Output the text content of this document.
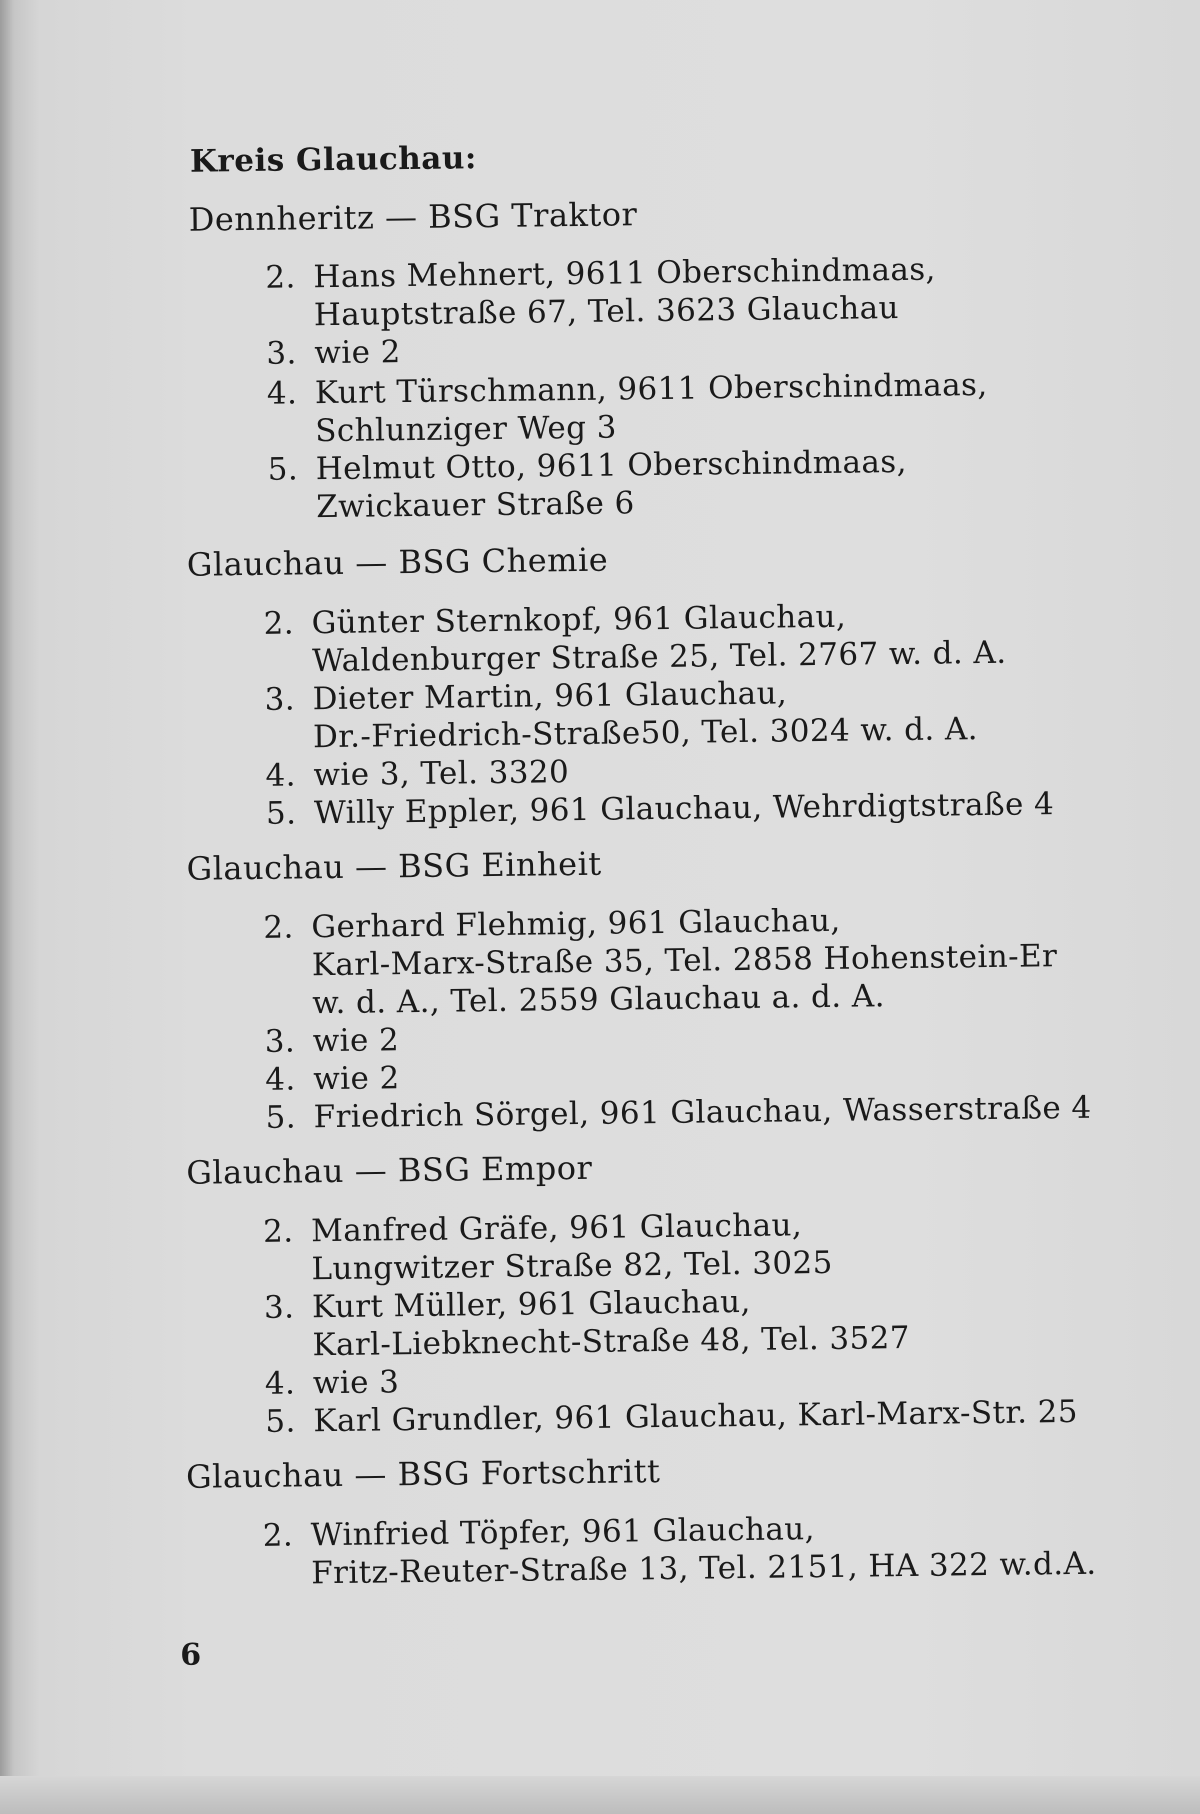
Kreis Glauchau:
Dennheritz — BSG Traktor
2. Hans Mehnert, 9611 Oberschindmaas,
Hauptstraße 67, Tel. 3623 Glauchau
3. wie 2
4. Kurt Türschmann, 9611 Oberschindmaas,
Schlunziger Weg 3
5. Helmut Otto, 9611 Oberschindmaas,
Zwickauer Straße 6
Glauchau — BSG Chemie
2. Günter Sternkopf, 961 Glauchau,
Waldenburger Straße 25, Tel. 2767 w. d. A.
3. Dieter Martin, 961 Glauchau,
Dr.-Friedrich-Straße50, Tel. 3024 w. d. A.
4. wie 3, Tel. 3320
5. Willy Eppler, 961 Glauchau, Wehrdigtstraße 4
Glauchau — BSG Einheit
2. Gerhard Flehmig, 961 Glauchau,
Karl-Marx-Straße 35, Tel. 2858 Hohenstein-Er
w. d. A., Tel. 2559 Glauchau a. d. A.
3. wie 2
4. wie 2
5. Friedrich Sörgel, 961 Glauchau, Wasserstraße 4
Glauchau — BSG Empor
2. Manfred Gräfe, 961 Glauchau,
Lungwitzer Straße 82, Tel. 3025
3. Kurt Müller, 961 Glauchau,
Karl-Liebknecht-Straße 48, Tel. 3527
4. wie 3
5. Karl Grundler, 961 Glauchau, Karl-Marx-Str. 25
Glauchau — BSG Fortschritt
2. Winfried Töpfer, 961 Glauchau,
Fritz-Reuter-Straße 13, Tel. 2151, HA 322 w.d.A.
6
